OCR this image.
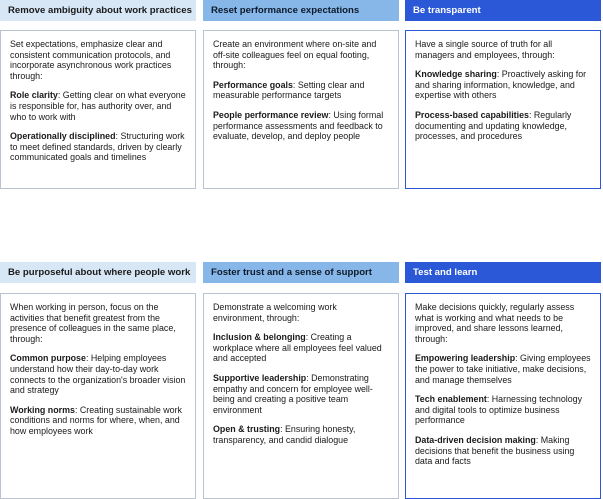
Remove ambiguity about work practices

Set expectations, emphasize clear and consistent communication protocols, and incorporate asynchronous work practices through:

Role clarity: Getting clear on what everyone is responsible for, has authority over, and who to work with

Operationally disciplined: Structuring work to meet defined standards, driven by clearly communicated goals and timelines

Reset performance expectations

Create an environment where on-site and off-site colleagues feel on equal footing, through:

Performance goals: Setting clear and measurable performance targets

People performance review: Using formal performance assessments and feedback to evaluate, develop, and deploy people

Be transparent

Have a single source of truth for all managers and employees, through:

Knowledge sharing: Proactively asking for and sharing information, knowledge, and expertise with others

Process-based capabilities: Regularly documenting and updating knowledge, processes, and procedures

Be purposeful about where people work

When working in person, focus on the activities that benefit greatest from the presence of colleagues in the same place, through:

Common purpose: Helping employees understand how their day-to-day work connects to the organization's broader vision and strategy

Working norms: Creating sustainable work conditions and norms for where, when, and how employees work

Foster trust and a sense of support

Demonstrate a welcoming work environment, through:

Inclusion & belonging: Creating a workplace where all employees feel valued and accepted

Supportive leadership: Demonstrating empathy and concern for employee well-being and creating a positive team environment

Open & trusting: Ensuring honesty, transparency, and candid dialogue

Test and learn

Make decisions quickly, regularly assess what is working and what needs to be improved, and share lessons learned, through:

Empowering leadership: Giving employees the power to take initiative, make decisions, and manage themselves

Tech enablement: Harnessing technology and digital tools to optimize business performance

Data-driven decision making: Making decisions that benefit the business using data and facts
